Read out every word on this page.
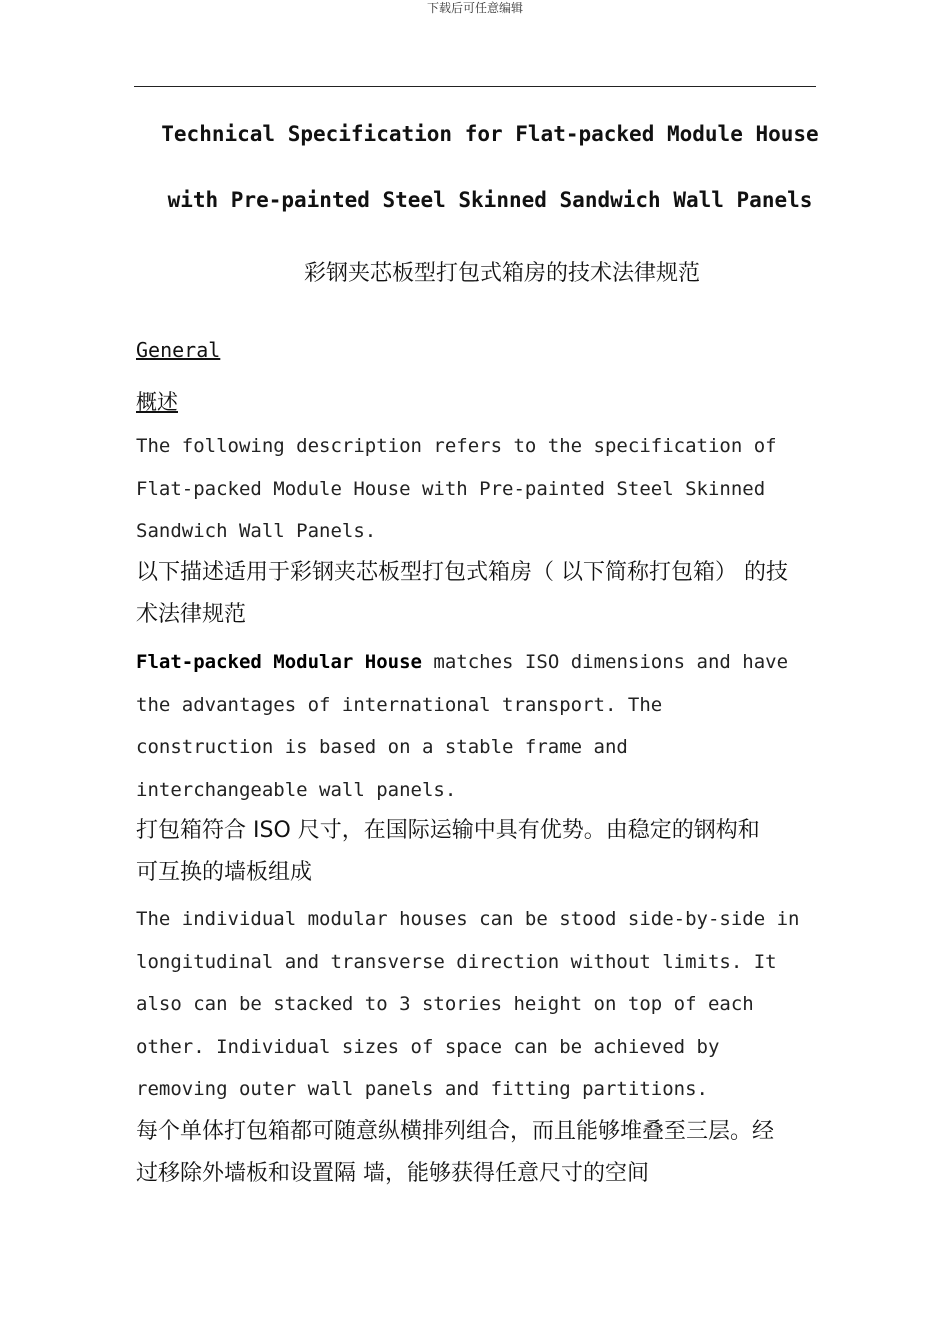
下载后可任意编辑
Technical Specification for Flat-packed Module House
with Pre-painted Steel Skinned Sandwich Wall Panels
彩钢夹芯板型打包式箱房的技术法律规范
General
概述
The following description refers to the specification of
Flat-packed Module House with Pre-painted Steel Skinned
Sandwich Wall Panels.
以下描述适用于彩钢夹芯板型打包式箱房（ 以下简称打包箱） 的技
术法律规范
Flat-packed Modular House matches ISO dimensions and have
the advantages of international transport. The
construction is based on a stable frame and
interchangeable wall panels.
打包箱符合 ISO 尺寸，在国际运输中具有优势。由稳定的钢构和
可互换的墙板组成
The individual modular houses can be stood side-by-side in
longitudinal and transverse direction without limits. It
also can be stacked to 3 stories height on top of each
other. Individual sizes of space can be achieved by
removing outer wall panels and fitting partitions.
每个单体打包箱都可随意纵横排列组合，而且能够堆叠至三层。经
过移除外墙板和设置隔 墙，能够获得任意尺寸的空间
